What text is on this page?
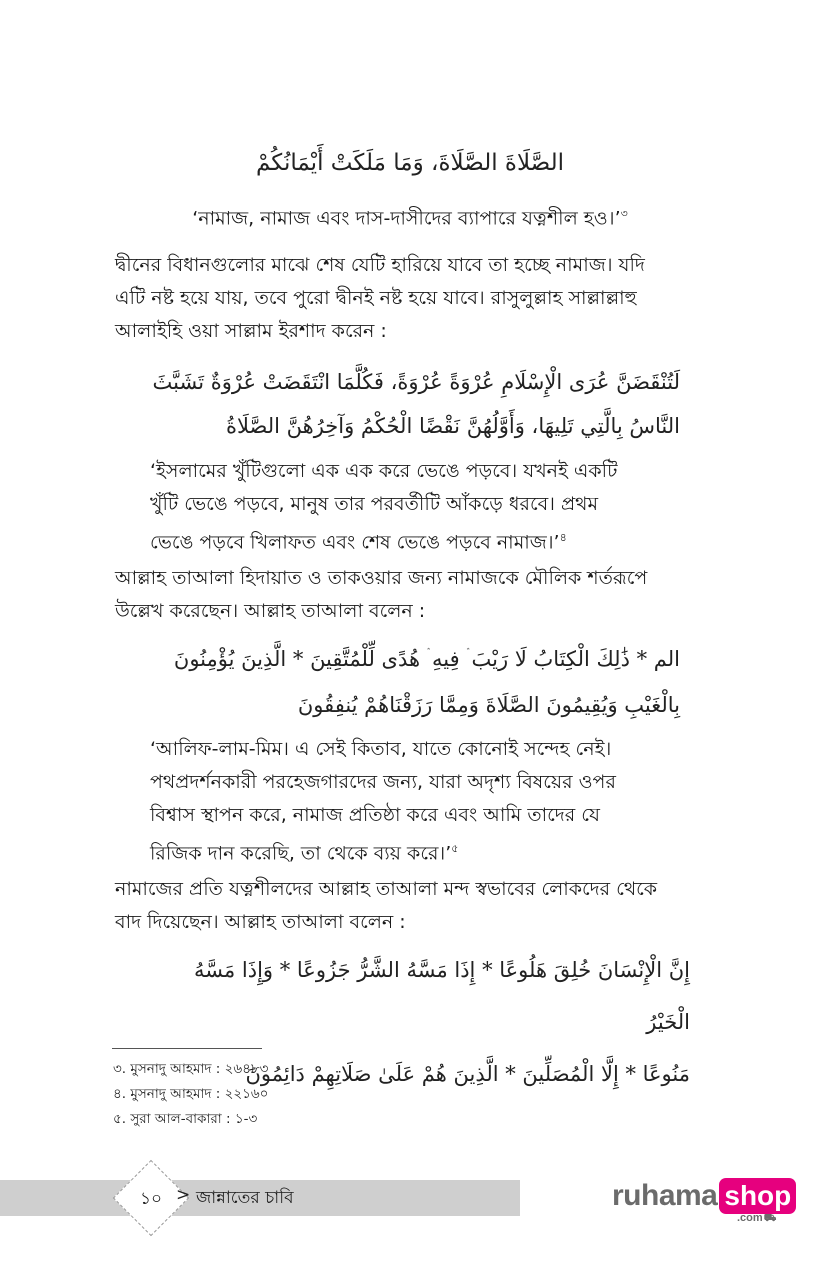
الصَّلَاةَ الصَّلَاةَ، وَمَا مَلَكَتْ أَيْمَانُكُمْ
‘নামাজ, নামাজ এবং দাস-দাসীদের ব্যাপারে যত্নশীল হও।’$^৩$
দ্বীনের বিধানগুলোর মাঝে শেষ যেটি হারিয়ে যাবে তা হচ্ছে নামাজ। যদি
এটি নষ্ট হয়ে যায়, তবে পুরো দ্বীনই নষ্ট হয়ে যাবে। রাসুলুল্লাহ সাল্লাল্লাহু
আলাইহি ওয়া সাল্লাম ইরশাদ করেন :
لَتُنْقَضَنَّ عُرَى الْإِسْلَامِ عُرْوَةً عُرْوَةً، فَكُلَّمَا انْتَقَضَتْ عُرْوَةٌ تَشَبَّثَ
النَّاسُ بِالَّتِي تَلِيهَا، وَأَوَّلُهُنَّ نَقْضًا الْحُكْمُ وَآخِرُهُنَّ الصَّلَاةُ
‘ইসলামের খুঁটিগুলো এক এক করে ভেঙে পড়বে। যখনই একটি
খুঁটি ভেঙে পড়বে, মানুষ তার পরবর্তীটি আঁকড়ে ধরবে। প্রথম
ভেঙে পড়বে খিলাফত এবং শেষ ভেঙে পড়বে নামাজ।’$^৪$
আল্লাহ তাআলা হিদায়াত ও তাকওয়ার জন্য নামাজকে মৌলিক শর্তরূপে
উল্লেখ করেছেন। আল্লাহ তাআলা বলেন :
الم * ذَٰلِكَ الْكِتَابُ لَا رَيْبَ ۛ فِيهِ ۛ هُدًى لِّلْمُتَّقِينَ * الَّذِينَ يُؤْمِنُونَ
بِالْغَيْبِ وَيُقِيمُونَ الصَّلَاةَ وَمِمَّا رَزَقْنَاهُمْ يُنفِقُونَ
‘আলিফ-লাম-মিম। এ সেই কিতাব, যাতে কোনোই সন্দেহ নেই।
পথপ্রদর্শনকারী পরহেজগারদের জন্য, যারা অদৃশ্য বিষয়ের ওপর
বিশ্বাস স্থাপন করে, নামাজ প্রতিষ্ঠা করে এবং আমি তাদের যে
রিজিক দান করেছি, তা থেকে ব্যয় করে।’$^৫$
নামাজের প্রতি যত্নশীলদের আল্লাহ তাআলা মন্দ স্বভাবের লোকদের থেকে
বাদ দিয়েছেন। আল্লাহ তাআলা বলেন :
إِنَّ الْإِنْسَانَ خُلِقَ هَلُوعًا * إِذَا مَسَّهُ الشَّرُّ جَزُوعًا * وَإِذَا مَسَّهُ الْخَيْرُ
مَنُوعًا * إِلَّا الْمُصَلِّينَ * الَّذِينَ هُمْ عَلَىٰ صَلَاتِهِمْ دَائِمُونَ
৩. মুসনাদু আহমাদ : ২৬৪৮৩
৪. মুসনাদু আহমাদ : ২২১৬০
৫. সুরা আল-বাকারা : ১-৩
১০ > জান্নাতের চাবি	ruhama shop
.com⛟
